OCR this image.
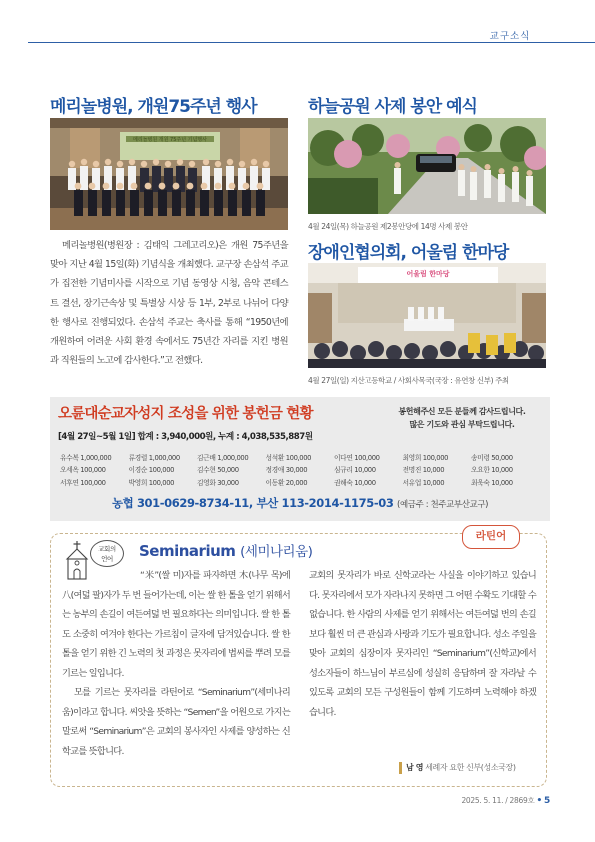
교구소식
메리놀병원, 개원75주년 행사
메리놀병원 개원 75주년 기념행사
메리놀병원(병원장 : 김태익 그레고리오)은 개원 75주년을 맞아 지난 4월 15일(화) 기념식을 개최했다. 교구장 손삼석 주교가 집전한 기념미사를 시작으로 기념 동영상 시청, 음악 콘테스트 결선, 장기근속상 및 특별상 시상 등 1부, 2부로 나뉘어 다양한 행사로 진행되었다. 손삼석 주교는 축사를 통해 “1950년에 개원하여 어려운 사회 환경 속에서도 75년간 자리를 지킨 병원과 직원들의 노고에 감사한다.”고 전했다.
하늘공원 사제 봉안 예식
4월 24일(목) 하늘공원 제2봉안당에 14명 사제 봉안
장애인협의회, 어울림 한마당
어울림 한마당
4월 27일(일) 지산고등학교 / 사회사목국(국장 : 유연창 신부) 주최
오륜대순교자성지 조성을 위한 봉헌금 현황	봉헌해주신 모든 분들께 감사드립니다.
많은 기도와 관심 부탁드립니다.
[4월 27일~5월 1일] 합계 : 3,940,000원, 누계 : 4,038,535,887원
유수복 1,000,000	류경렬 1,000,000	김근배 1,000,000	성석환 100,000	이다연 100,000	최영희 100,000	송미령 50,000
오세옥 100,000	이경순 100,000	김수현 50,000	정경애 30,000	심규리 10,000	전명진 10,000	오요한 10,000
서후연 100,000	박영희 100,000	김영화 30,000	이동환 20,000	권해숙 10,000	서유업 10,000	최욱숙 10,000
농협 301-0629-8734-11, 부산 113-2014-1175-03 (예금주 : 천주교부산교구)
라틴어
교회의
언어	Seminarium (세미나리움)

“米”(쌀 미)자를 파자하면 木(나무 목)에 八(여덟 팔)자가 두 번 들어가는데, 이는 쌀 한 톨을 얻기 위해서는 농부의 손길이 여든여덟 번 필요하다는 의미입니다. 쌀 한 톨도 소중히 여겨야 한다는 가르침이 글자에 담겨있습니다. 쌀 한 톨을 얻기 위한 긴 노력의 첫 과정은 못자리에 볍씨를 뿌려 모를 기르는 일입니다.

모를 기르는 못자리를 라틴어로 “Seminarium”(세미나리움)이라고 합니다. 씨앗을 뜻하는 “Semen”을 어원으로 가지는 말로써 “Seminarium”은 교회의 봉사자인 사제를 양성하는 신학교를 뜻합니다.

교회의 못자리가 바로 신학교라는 사실을 이야기하고 있습니다. 못자리에서 모가 자라나지 못하면 그 어떤 수확도 기대할 수 없습니다. 한 사람의 사제를 얻기 위해서는 여든여덟 번의 손길보다 훨씬 더 큰 관심과 사랑과 기도가 필요합니다. 성소 주일을 맞아 교회의 심장이자 못자리인 “Seminarium”(신학교)에서 성소자들이 하느님이 부르심에 성실히 응답하며 잘 자라날 수 있도록 교회의 모든 구성원들이 함께 기도하며 노력해야 하겠습니다.

남 영 세례자 요한 신부(성소국장)
2025. 5. 11. / 2869호 • 5
